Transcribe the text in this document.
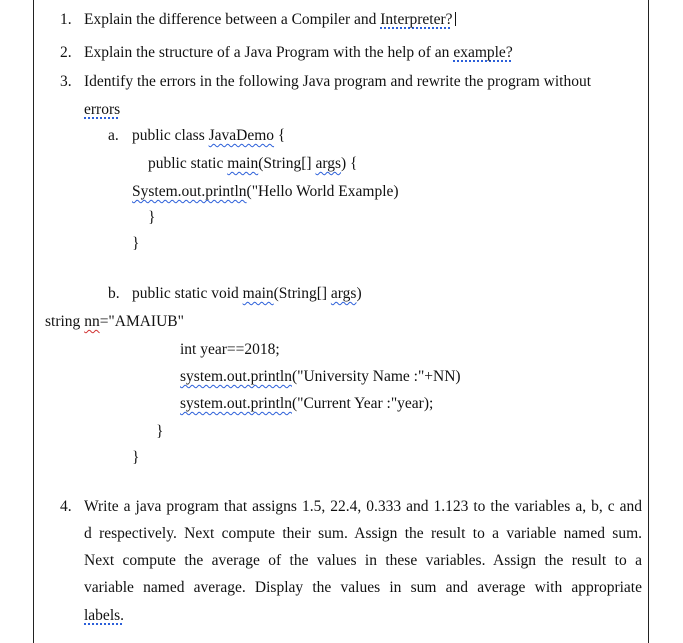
1. Explain the difference between a Compiler and Interpreter?
2. Explain the structure of a Java Program with the help of an example?
3. Identify the errors in the following Java program and rewrite the program without
errors
a. public class JavaDemo {
public static main(String[] args) {
System.out.println("Hello World Example)
}
}
b. public static void main(String[] args)
string nn="AMAIUB"
int year==2018;
system.out.println("University Name :"+NN)
system.out.println("Current Year :"year);
}
}
4. Write a java program that assigns 1.5, 22.4, 0.333 and 1.123 to the variables a, b, c and
d respectively. Next compute their sum. Assign the result to a variable named sum.
Next compute the average of the values in these variables. Assign the result to a
variable named average. Display the values in sum and average with appropriate
labels.
